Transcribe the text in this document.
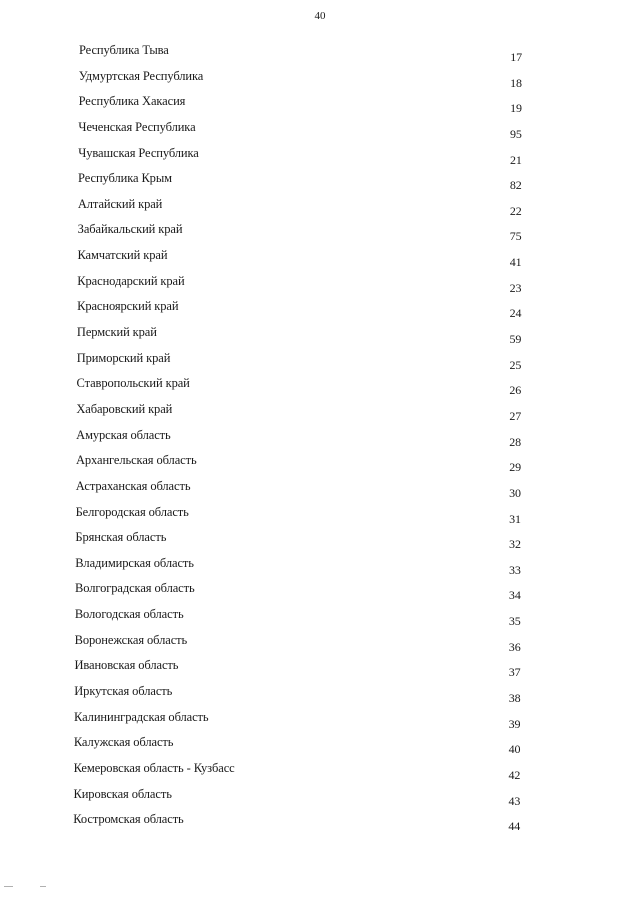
40
Республика Тыва	17
Удмуртская Республика	18
Республика Хакасия	19
Чеченская Республика	95
Чувашская Республика	21
Республика Крым	82
Алтайский край	22
Забайкальский край	75
Камчатский край	41
Краснодарский край	23
Красноярский край	24
Пермский край	59
Приморский край	25
Ставропольский край	26
Хабаровский край	27
Амурская область	28
Архангельская область	29
Астраханская область	30
Белгородская область	31
Брянская область	32
Владимирская область	33
Волгоградская область	34
Вологодская область	35
Воронежская область	36
Ивановская область	37
Иркутская область	38
Калининградская область	39
Калужская область	40
Кемеровская область - Кузбасс	42
Кировская область	43
Костромская область	44
